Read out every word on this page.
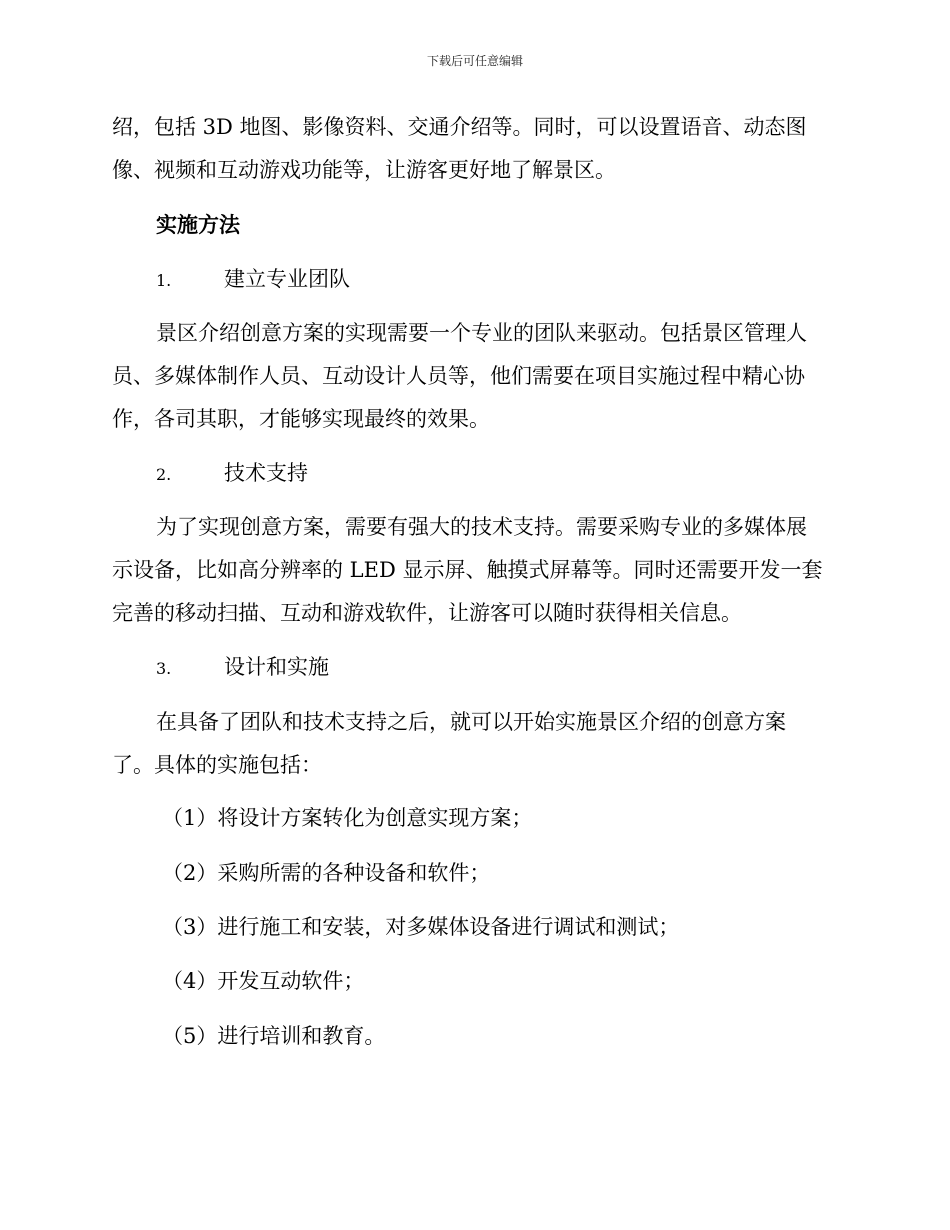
下载后可任意编辑
绍，包括 3D 地图、影像资料、交通介绍等。同时，可以设置语音、动态图
像、视频和互动游戏功能等，让游客更好地了解景区。
实施方法
1.	建立专业团队
景区介绍创意方案的实现需要一个专业的团队来驱动。包括景区管理人
员、多媒体制作人员、互动设计人员等，他们需要在项目实施过程中精心协
作，各司其职，才能够实现最终的效果。
2.	技术支持
为了实现创意方案，需要有强大的技术支持。需要采购专业的多媒体展
示设备，比如高分辨率的 LED 显示屏、触摸式屏幕等。同时还需要开发一套
完善的移动扫描、互动和游戏软件，让游客可以随时获得相关信息。
3.	设计和实施
在具备了团队和技术支持之后，就可以开始实施景区介绍的创意方案
了。具体的实施包括：
（1）将设计方案转化为创意实现方案；
（2）采购所需的各种设备和软件；
（3）进行施工和安装，对多媒体设备进行调试和测试；
（4）开发互动软件；
（5）进行培训和教育。
